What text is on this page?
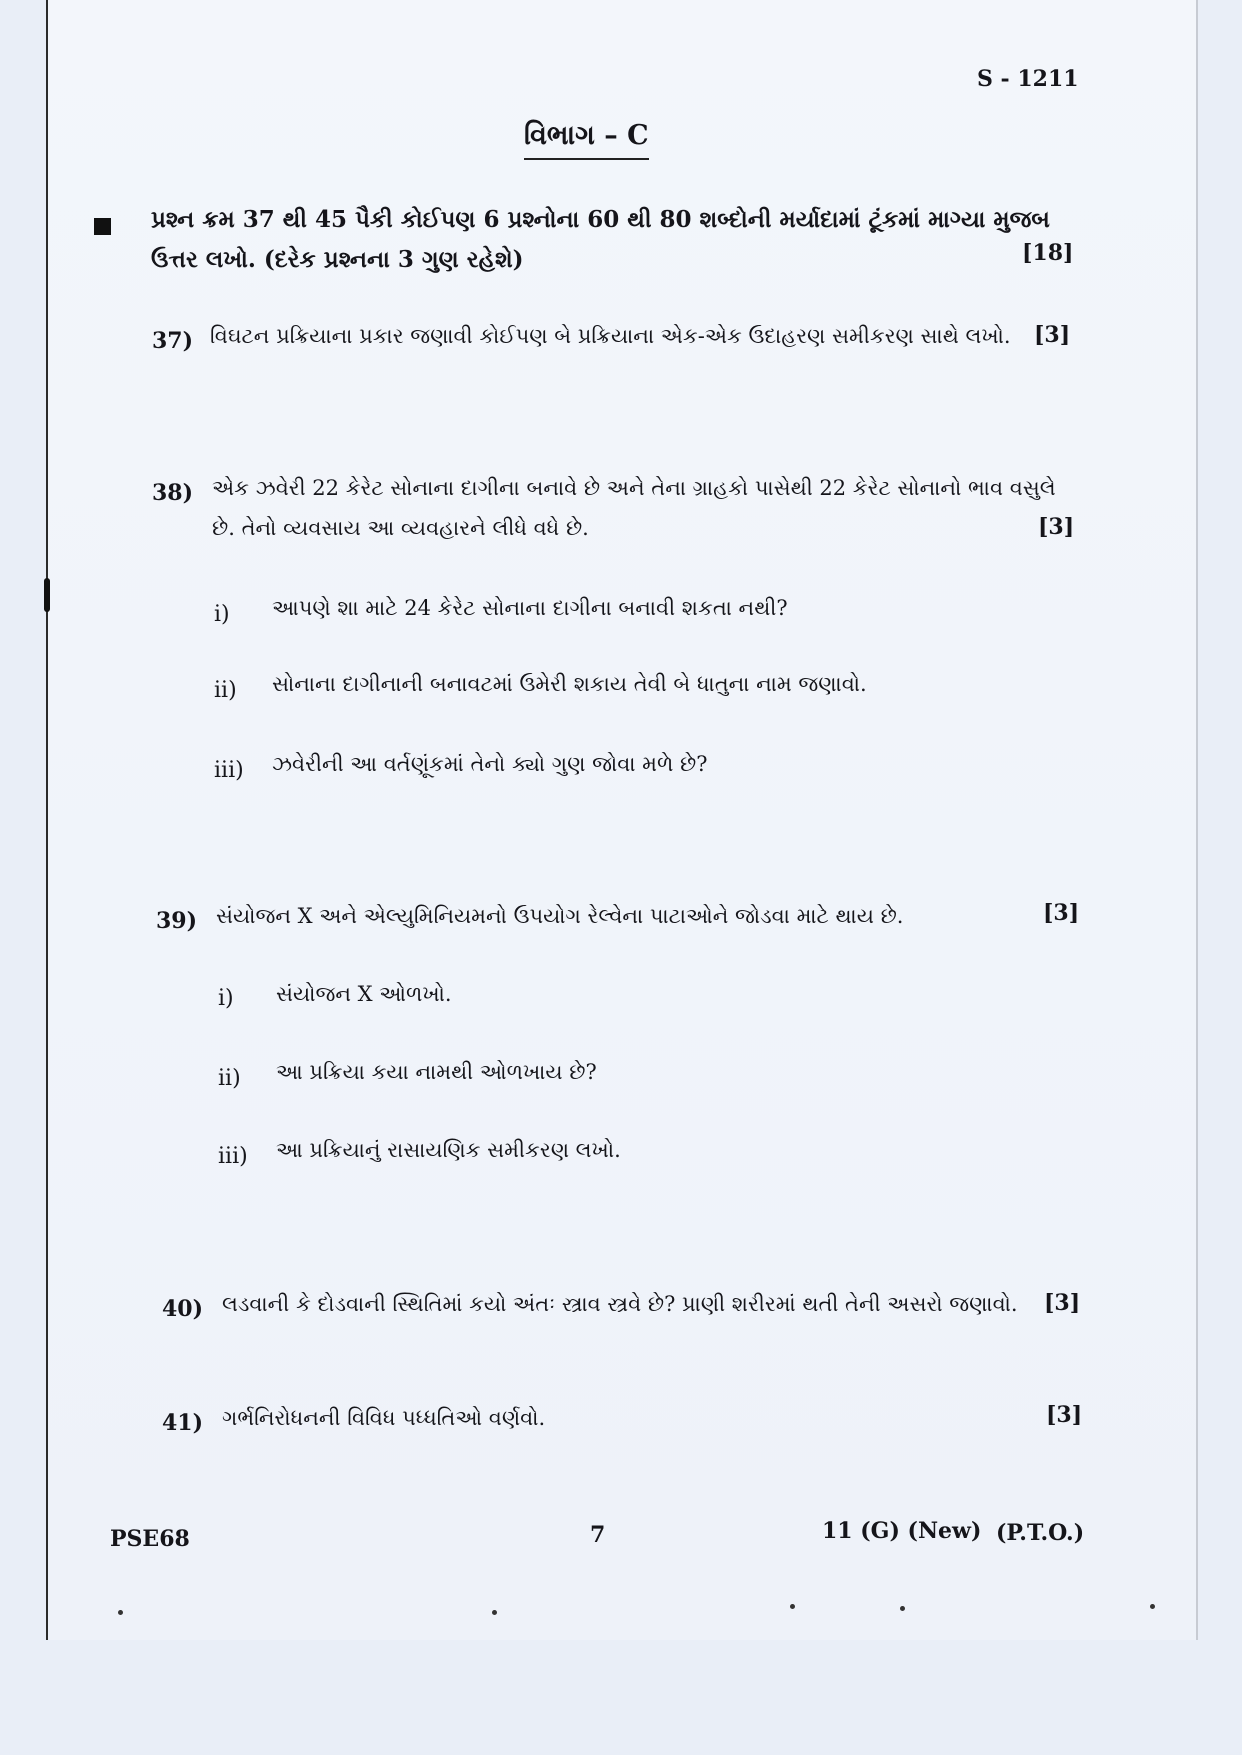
S - 1211
વિભાગ – C
પ્રશ્ન ક્રમ 37 થી 45 પૈકી કોઈપણ 6 પ્રશ્નોના 60 થી 80 શબ્દોની મર્યાદામાં ટૂંકમાં માગ્યા મુજબ
ઉત્તર લખો. (દરેક પ્રશ્નના 3 ગુણ રહેશે)	[18]
37) વિઘટન પ્રક્રિયાના પ્રકાર જણાવી કોઈપણ બે પ્રક્રિયાના એક-એક ઉદાહરણ સમીકરણ સાથે લખો. [3]
38) એક ઝવેરી 22 કેરેટ સોનાના દાગીના બનાવે છે અને તેના ગ્રાહકો પાસેથી 22 કેરેટ સોનાનો ભાવ વસુલે
છે. તેનો વ્યવસાય આ વ્યવહારને લીધે વધે છે.	[3]
i) આપણે શા માટે 24 કેરેટ સોનાના દાગીના બનાવી શકતા નથી?
ii) સોનાના દાગીનાની બનાવટમાં ઉમેરી શકાય તેવી બે ધાતુના નામ જણાવો.
iii) ઝવેરીની આ વર્તણૂંકમાં તેનો ક્યો ગુણ જોવા મળે છે?
39) સંયોજન X અને એલ્યુમિનિયમનો ઉપયોગ રેલ્વેના પાટાઓને જોડવા માટે થાય છે.	[3]
i) સંયોજન X ઓળખો.
ii) આ પ્રક્રિયા કયા નામથી ઓળખાય છે?
iii) આ પ્રક્રિયાનું રાસાયણિક સમીકરણ લખો.
40) લડવાની કે દોડવાની સ્થિતિમાં કયો અંતઃ સ્ત્રાવ સ્ત્રવે છે? પ્રાણી શરીરમાં થતી તેની અસરો જણાવો. [3]
41) ગર્ભનિરોધનની વિવિધ પધ્ધતિઓ વર્ણવો.	[3]
PSE68	7	11 (G) (New) (P.T.O.)
